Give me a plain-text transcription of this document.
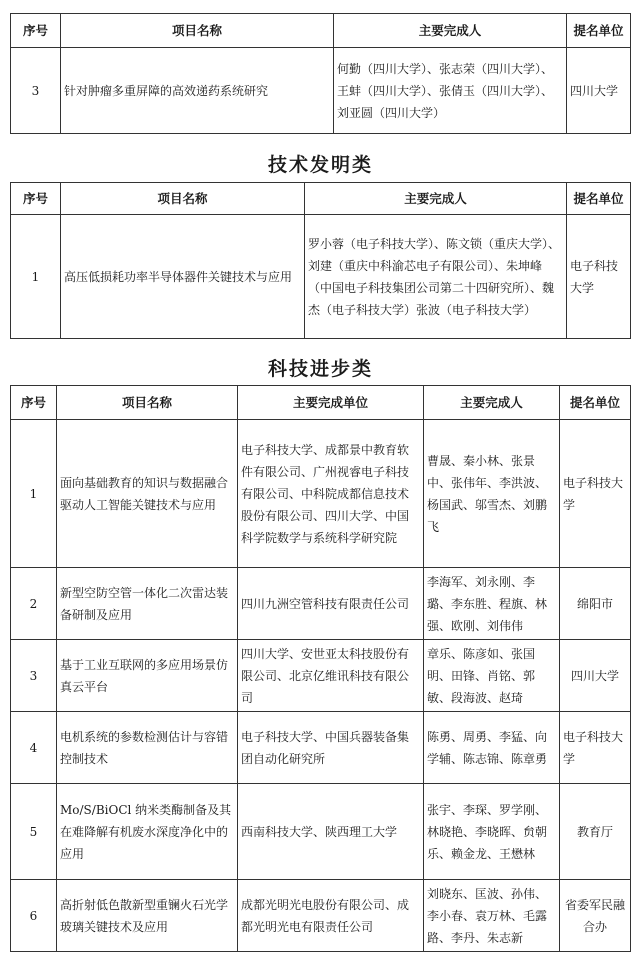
序号	项目名称	主要完成人	提名单位
3	针对肿瘤多重屏障的高效递药系统研究	何勤（四川大学）、张志荣（四川大学）、王蚌（四川大学）、张倩玉（四川大学）、刘亚圆（四川大学）	四川大学
技术发明类
序号	项目名称	主要完成人	提名单位
1	高压低损耗功率半导体器件关键技术与应用	罗小蓉（电子科技大学）、陈文锁（重庆大学）、刘建（重庆中科渝芯电子有限公司）、朱坤峰（中国电子科技集团公司第二十四研究所）、魏杰（电子科技大学）张波（电子科技大学）	电子科技大学
科技进步类
序号	项目名称	主要完成单位	主要完成人	提名单位
1	面向基础教育的知识与数据融合驱动人工智能关键技术与应用	电子科技大学、成都景中教育软件有限公司、广州视睿电子科技有限公司、中科院成都信息技术股份有限公司、四川大学、中国科学院数学与系统科学研究院	曹晟、秦小林、张景中、张伟年、李洪波、杨国武、邬雪杰、刘鹏飞	电子科技大学
2	新型空防空管一体化二次雷达装备研制及应用	四川九洲空管科技有限责任公司	李海军、刘永刚、李璐、李东胜、程旗、林强、欧刚、刘伟伟	绵阳市
3	基于工业互联网的多应用场景仿真云平台	四川大学、安世亚太科技股份有限公司、北京亿维讯科技有限公司	章乐、陈彦如、张国明、田锋、肖铭、郭敏、段海波、赵琦	四川大学
4	电机系统的参数检测估计与容错控制技术	电子科技大学、中国兵器装备集团自动化研究所	陈勇、周勇、李猛、向学辅、陈志锦、陈章勇	电子科技大学
5	Mo/S/BiOCl 纳米类酶制备及其在难降解有机废水深度净化中的应用	西南科技大学、陕西理工大学	张宇、李琛、罗学刚、林晓艳、李晓晖、贠朝乐、赖金龙、王懋林	教育厅
6	高折射低色散新型重镧火石光学玻璃关键技术及应用	成都光明光电股份有限公司、成都光明光电有限责任公司	刘晓东、匡波、孙伟、李小春、袁万林、毛露路、李丹、朱志新	省委军民融合办
